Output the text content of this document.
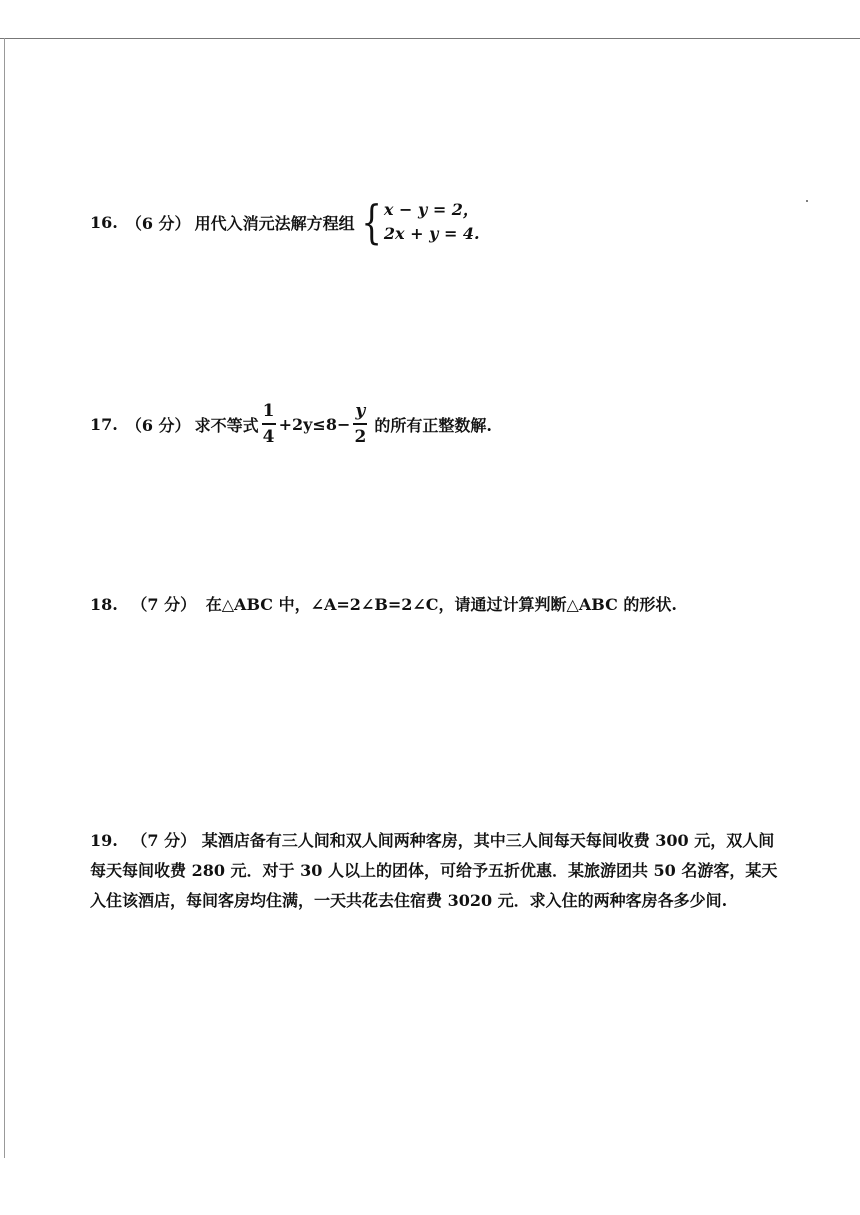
16. （6 分） 用代入消元法解方程组 { x − y = 2，
2x + y = 4.
17. （6 分） 求不等式 $\frac{1}{4} +2y\le 8- \frac{y}{2}$ 的所有正整数解.
18. （7 分） 在△ABC 中，∠A=2∠B=2∠C，请通过计算判断△ABC 的形状.
19. （7 分） 某酒店备有三人间和双人间两种客房，其中三人间每天每间收费 300 元，双人间每天每间收费 280 元．对于 30 人以上的团体，可给予五折优惠．某旅游团共 50 名游客，某天入住该酒店，每间客房均住满，一天共花去住宿费 3020 元．求入住的两种客房各多少间.
